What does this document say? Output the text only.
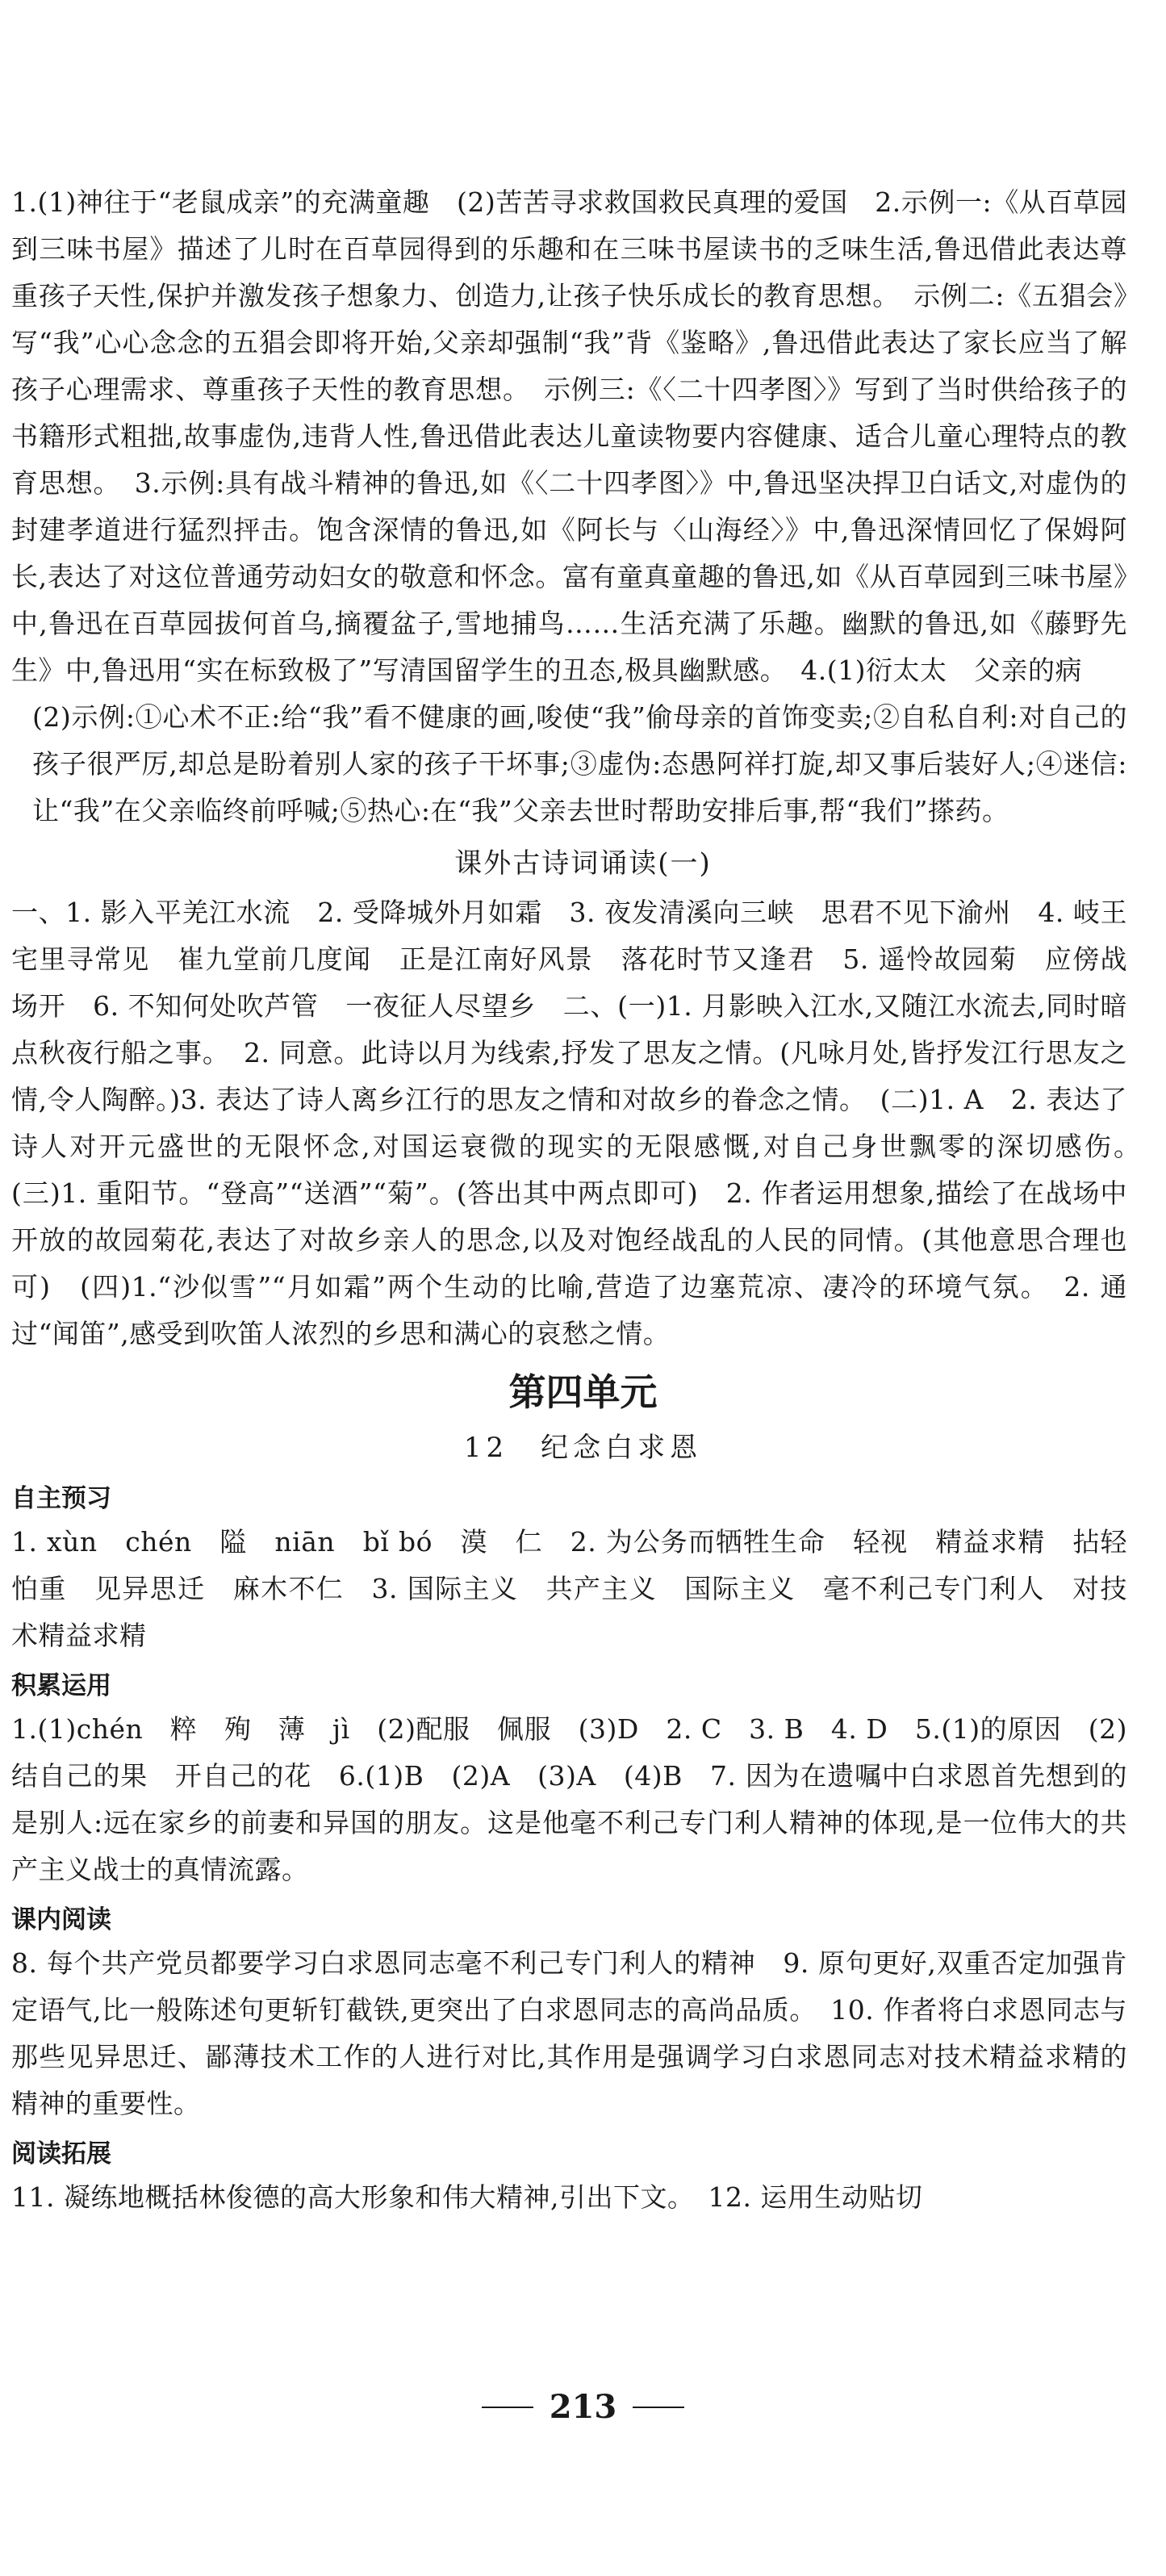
1.(1)神往于“老鼠成亲”的充满童趣　(2)苦苦寻求救国救民真理的爱国　2.示例一:《从百草园到三味书屋》描述了儿时在百草园得到的乐趣和在三味书屋读书的乏味生活,鲁迅借此表达尊重孩子天性,保护并激发孩子想象力、创造力,让孩子快乐成长的教育思想。　示例二:《五猖会》写“我”心心念念的五猖会即将开始,父亲却强制“我”背《鉴略》,鲁迅借此表达了家长应当了解孩子心理需求、尊重孩子天性的教育思想。　示例三:《〈二十四孝图〉》写到了当时供给孩子的书籍形式粗拙,故事虚伪,违背人性,鲁迅借此表达儿童读物要内容健康、适合儿童心理特点的教育思想。　3.示例:具有战斗精神的鲁迅,如《〈二十四孝图〉》中,鲁迅坚决捍卫白话文,对虚伪的封建孝道进行猛烈抨击。饱含深情的鲁迅,如《阿长与〈山海经〉》中,鲁迅深情回忆了保姆阿长,表达了对这位普通劳动妇女的敬意和怀念。富有童真童趣的鲁迅,如《从百草园到三味书屋》中,鲁迅在百草园拔何首乌,摘覆盆子,雪地捕鸟……生活充满了乐趣。幽默的鲁迅,如《藤野先生》中,鲁迅用“实在标致极了”写清国留学生的丑态,极具幽默感。　4.(1)衍太太　父亲的病

(2)示例:①心术不正:给“我”看不健康的画,唆使“我”偷母亲的首饰变卖;②自私自利:对自己的孩子很严厉,却总是盼着别人家的孩子干坏事;③虚伪:态愚阿祥打旋,却又事后装好人;④迷信:让“我”在父亲临终前呼喊;⑤热心:在“我”父亲去世时帮助安排后事,帮“我们”搽药。

课外古诗词诵读(一)

一、1. 影入平羌江水流　2. 受降城外月如霜　3. 夜发清溪向三峡　思君不见下渝州　4. 岐王宅里寻常见　崔九堂前几度闻　正是江南好风景　落花时节又逢君　5. 遥怜故园菊　应傍战场开　6. 不知何处吹芦管　一夜征人尽望乡　二、(一)1. 月影映入江水,又随江水流去,同时暗点秋夜行船之事。　2. 同意。此诗以月为线索,抒发了思友之情。(凡咏月处,皆抒发江行思友之情,令人陶醉。)3. 表达了诗人离乡江行的思友之情和对故乡的眷念之情。　(二)1. A　2. 表达了诗人对开元盛世的无限怀念,对国运衰微的现实的无限感慨,对自己身世飘零的深切感伤。　(三)1. 重阳节。“登高”“送酒”“菊”。(答出其中两点即可)　2. 作者运用想象,描绘了在战场中开放的故园菊花,表达了对故乡亲人的思念,以及对饱经战乱的人民的同情。(其他意思合理也可)　(四)1.“沙似雪”“月如霜”两个生动的比喻,营造了边塞荒凉、凄冷的环境气氛。　2. 通过“闻笛”,感受到吹笛人浓烈的乡思和满心的哀愁之情。

第四单元
12　纪念白求恩
自主预习

1. xùn　chén　隘　niān　bǐ bó　漠　仁　2. 为公务而牺牲生命　轻视　精益求精　拈轻怕重　见异思迁　麻木不仁　3. 国际主义　共产主义　国际主义　毫不利己专门利人　对技术精益求精

积累运用

1.(1)chén　粹　殉　薄　jì　(2)配服　佩服　(3)D　2. C　3. B　4. D　5.(1)的原因　(2)结自己的果　开自己的花　6.(1)B　(2)A　(3)A　(4)B　7. 因为在遗嘱中白求恩首先想到的是别人:远在家乡的前妻和异国的朋友。这是他毫不利己专门利人精神的体现,是一位伟大的共产主义战士的真情流露。

课内阅读

8. 每个共产党员都要学习白求恩同志毫不利己专门利人的精神　9. 原句更好,双重否定加强肯定语气,比一般陈述句更斩钉截铁,更突出了白求恩同志的高尚品质。　10. 作者将白求恩同志与那些见异思迁、鄙薄技术工作的人进行对比,其作用是强调学习白求恩同志对技术精益求精的精神的重要性。

阅读拓展

11. 凝练地概括林俊德的高大形象和伟大精神,引出下文。　12. 运用生动贴切

213
